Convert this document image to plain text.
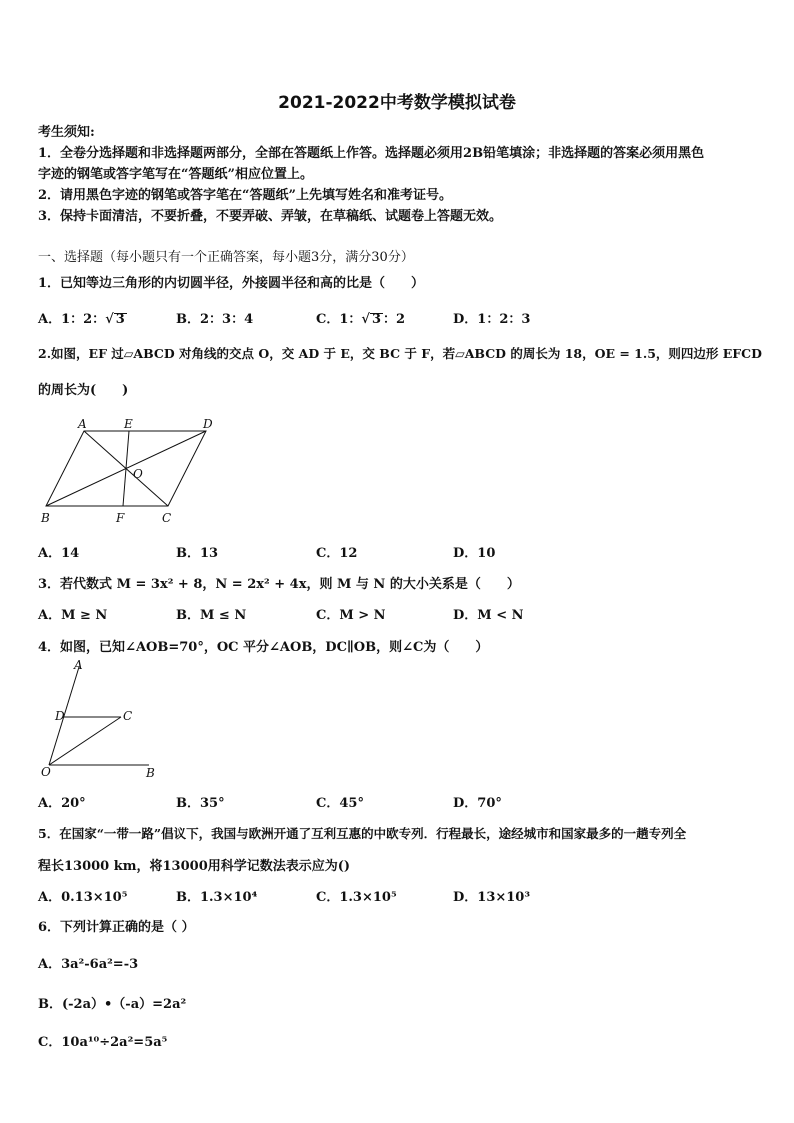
2021-2022中考数学模拟试卷
考生须知:
1．全卷分选择题和非选择题两部分，全部在答题纸上作答。选择题必须用2B铅笔填涂；非选择题的答案必须用黑色
字迹的钢笔或答字笔写在“答题纸”相应位置上。
2．请用黑色字迹的钢笔或答字笔在“答题纸”上先填写姓名和准考证号。
3．保持卡面清洁，不要折叠，不要弄破、弄皱，在草稿纸、试题卷上答题无效。
一、选择题（每小题只有一个正确答案，每小题3分，满分30分）
1．已知等边三角形的内切圆半径，外接圆半径和高的比是（　　）
A．1：2：√ 3	B．2：3：4	C．1：√ 3 ：2	D．1：2：3
2.如图，EF 过▱ABCD 对角线的交点 O，交 AD 于 E，交 BC 于 F，若▱ABCD 的周长为 18，OE = 1.5，则四边形 EFCD
的周长为(　　)
A	E	D
O
B	F	C
A．14	B．13	C．12	D．10
3．若代数式 M = 3x² + 8，N = 2x² + 4x，则 M 与 N 的大小关系是（　　）
A．M ≥ N	B．M ≤ N	C．M > N	D．M < N
4．如图，已知∠AOB=70°，OC 平分∠AOB，DC∥OB，则∠C为（　　）
A
D	C
O	B
A．20°	B．35°	C．45°	D．70°
5．在国家“一带一路”倡议下，我国与欧洲开通了互利互惠的中欧专列．行程最长，途经城市和国家最多的一趟专列全
程长13000 km，将13000用科学记数法表示应为()
A．0.13×10⁵	B．1.3×10⁴	C．1.3×10⁵	D．13×10³
6．下列计算正确的是（ ）
A．3a²-6a²=-3
B．(-2a）•（-a）=2a²
C．10a¹⁰÷2a²=5a⁵
